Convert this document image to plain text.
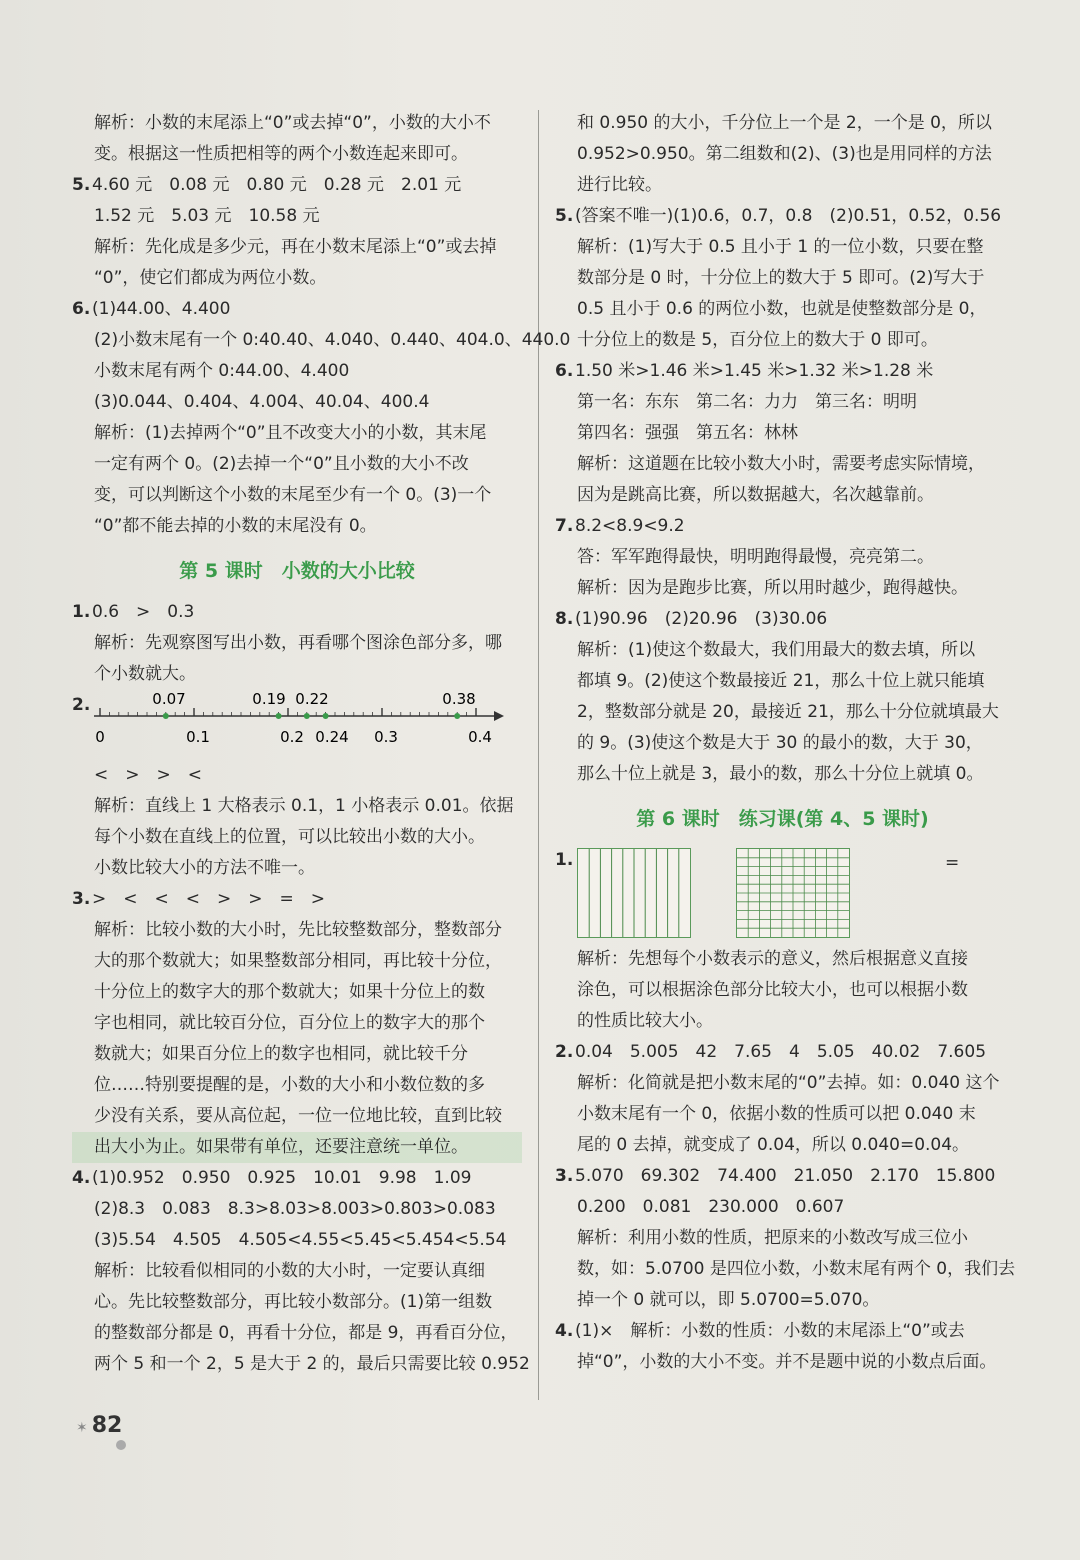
解析：小数的末尾添上“0”或去掉“0”，小数的大小不
变。根据这一性质把相等的两个小数连起来即可。
5. 4.60 元　0.08 元　0.80 元　0.28 元　2.01 元
1.52 元　5.03 元　10.58 元
解析：先化成是多少元，再在小数末尾添上“0”或去掉
“0”，使它们都成为两位小数。
6. (1)44.00、4.400
(2)小数末尾有一个 0:40.40、4.040、0.440、404.0、440.0
小数末尾有两个 0:44.00、4.400
(3)0.044、0.404、4.004、40.04、400.4
解析：(1)去掉两个“0”且不改变大小的小数，其末尾
一定有两个 0。(2)去掉一个“0”且小数的大小不改
变，可以判断这个小数的末尾至少有一个 0。(3)一个
“0”都不能去掉的小数的末尾没有 0。
第 5 课时　小数的大小比较
1. 0.6　>　0.3
解析：先观察图写出小数，再看哪个图涂色部分多，哪
个小数就大。
2.
0	0.1	0.2	0.3	0.4
0.07	0.19 0.22
0.24
0.38
<　>　>　<
解析：直线上 1 大格表示 0.1，1 小格表示 0.01。依据
每个小数在直线上的位置，可以比较出小数的大小。
小数比较大小的方法不唯一。
3. >　<　<　<　>　>　=　>
解析：比较小数的大小时，先比较整数部分，整数部分
大的那个数就大；如果整数部分相同，再比较十分位，
十分位上的数字大的那个数就大；如果十分位上的数
字也相同，就比较百分位，百分位上的数字大的那个
数就大；如果百分位上的数字也相同，就比较千分
位……特别要提醒的是，小数的大小和小数位数的多
少没有关系，要从高位起，一位一位地比较，直到比较
出大小为止。如果带有单位，还要注意统一单位。
4. (1)0.952　0.950　0.925　10.01　9.98　1.09
(2)8.3　0.083　8.3>8.03>8.003>0.803>0.083
(3)5.54　4.505　4.505<4.55<5.45<5.454<5.54
解析：比较看似相同的小数的大小时，一定要认真细
心。先比较整数部分，再比较小数部分。(1)第一组数
的整数部分都是 0，再看十分位，都是 9，再看百分位，
两个 5 和一个 2，5 是大于 2 的，最后只需要比较 0.952
和 0.950 的大小，千分位上一个是 2，一个是 0，所以
0.952>0.950。第二组数和(2)、(3)也是用同样的方法
进行比较。
5. (答案不唯一)(1)0.6，0.7，0.8　(2)0.51，0.52，0.56
解析：(1)写大于 0.5 且小于 1 的一位小数，只要在整
数部分是 0 时，十分位上的数大于 5 即可。(2)写大于
0.5 且小于 0.6 的两位小数，也就是使整数部分是 0，
十分位上的数是 5，百分位上的数大于 0 即可。
6. 1.50 米>1.46 米>1.45 米>1.32 米>1.28 米
第一名：东东　第二名：力力　第三名：明明
第四名：强强　第五名：林林
解析：这道题在比较小数大小时，需要考虑实际情境，
因为是跳高比赛，所以数据越大，名次越靠前。
7. 8.2<8.9<9.2
答：军军跑得最快，明明跑得最慢，亮亮第二。
解析：因为是跑步比赛，所以用时越少，跑得越快。
8. (1)90.96　(2)20.96　(3)30.06
解析：(1)使这个数最大，我们用最大的数去填，所以
都填 9。(2)使这个数最接近 21，那么十位上就只能填
2，整数部分就是 20，最接近 21，那么十分位就填最大
的 9。(3)使这个数是大于 30 的最小的数，大于 30，
那么十位上就是 3，最小的数，那么十分位上就填 0。
第 6 课时　练习课(第 4、5 课时)
1.	=
解析：先想每个小数表示的意义，然后根据意义直接
涂色，可以根据涂色部分比较大小，也可以根据小数
的性质比较大小。
2. 0.04　5.005　42　7.65　4　5.05　40.02　7.605
解析：化简就是把小数末尾的“0”去掉。如：0.040 这个
小数末尾有一个 0，依据小数的性质可以把 0.040 末
尾的 0 去掉，就变成了 0.04，所以 0.040=0.04。
3. 5.070　69.302　74.400　21.050　2.170　15.800
0.200　0.081　230.000　0.607
解析：利用小数的性质，把原来的小数改写成三位小
数，如：5.0700 是四位小数，小数末尾有两个 0，我们去
掉一个 0 就可以，即 5.0700=5.070。
4. (1)×　解析：小数的性质：小数的末尾添上“0”或去
掉“0”，小数的大小不变。并不是题中说的小数点后面。
✶ 82
